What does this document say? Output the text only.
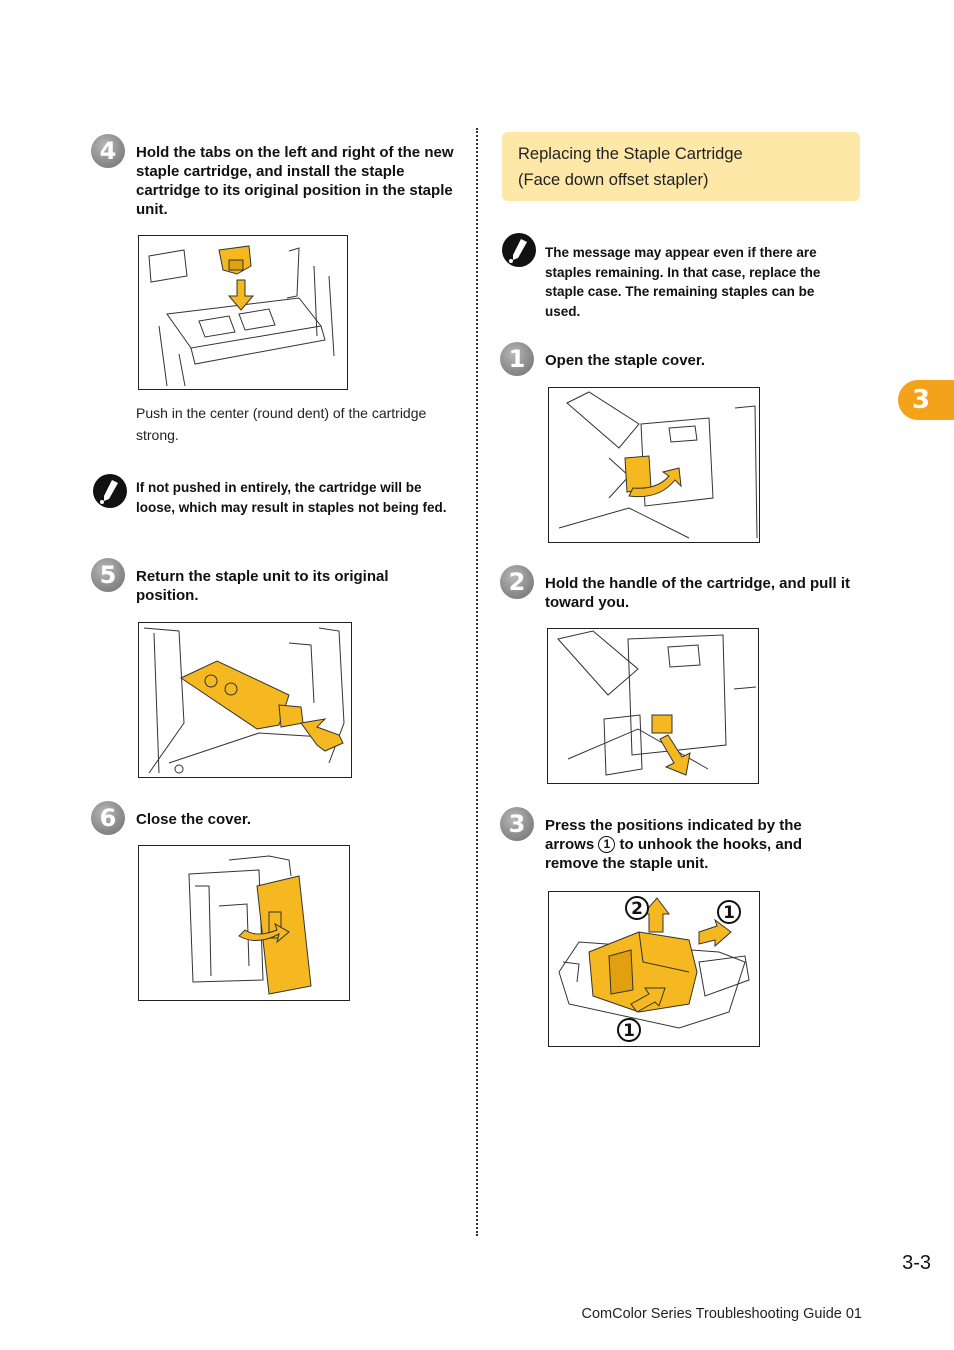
4	Hold the tabs on the left and right of the new staple cartridge, and install the staple cartridge to its original position in the staple unit.
Push in the center (round dent) of the cartridge strong.
If not pushed in entirely, the cartridge will be loose, which may result in staples not being fed.
5	Return the staple unit to its original position.
6	Close the cover.
Replacing the Staple Cartridge
(Face down offset stapler)
The message may appear even if there are staples remaining. In that case, replace the staple case. The remaining staples can be used.
1	Open the staple cover.
2	Hold the handle of the cartridge, and pull it toward you.
3	Press the positions indicated by the arrows 1 to unhook the hooks, and remove the staple unit.
2	1
1
3
3-3
ComColor Series Troubleshooting Guide 01
